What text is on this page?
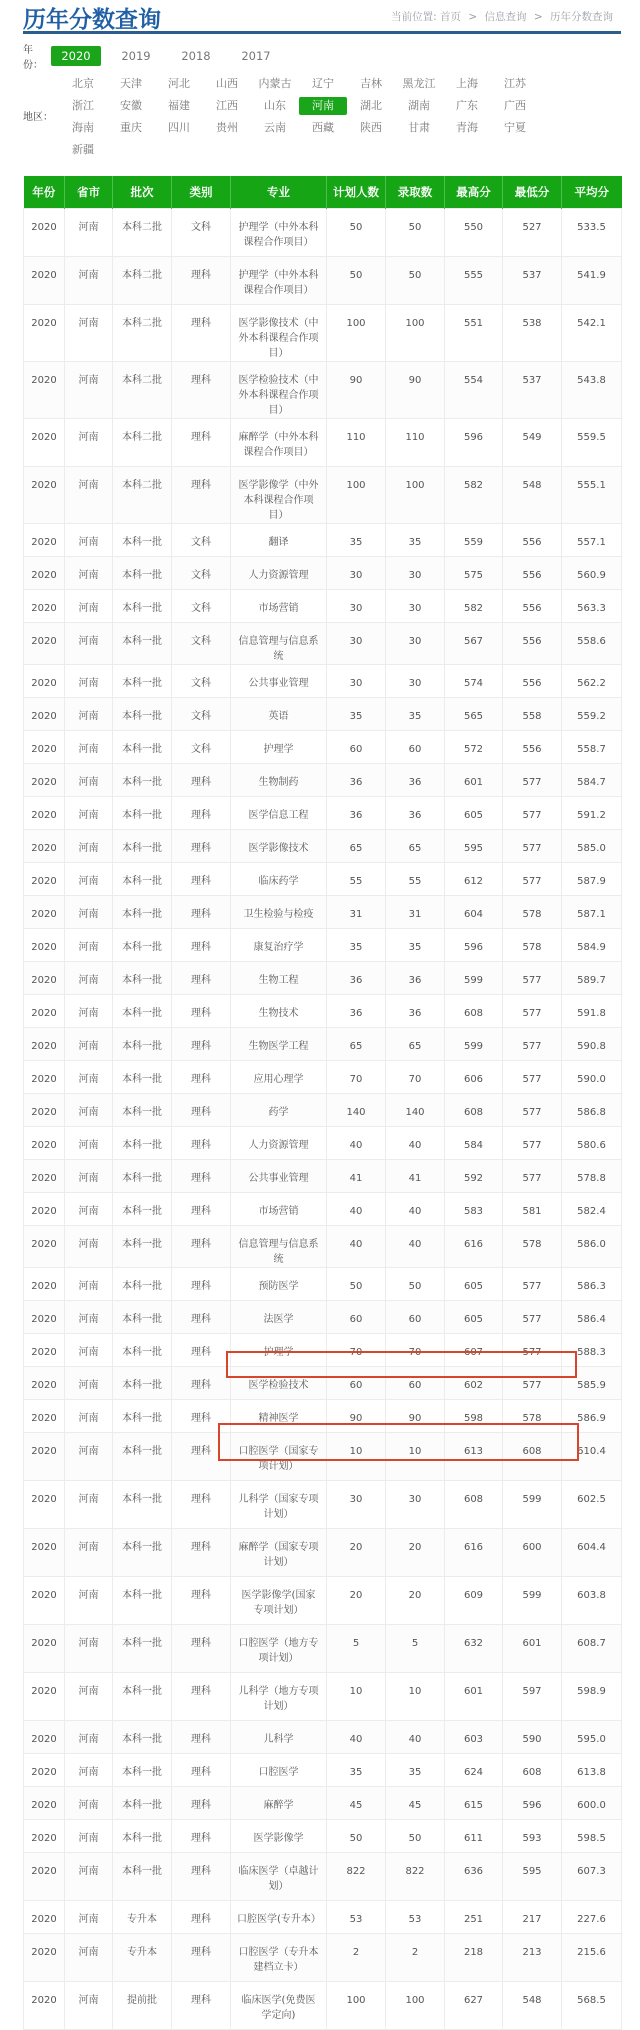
历年分数查询	当前位置: 首页 > 信息查询 > 历年分数查询
年份：
2020	2019	2018	2017
地区：
北京	天津	河北	山西	内蒙古	辽宁	吉林	黑龙江	上海	江苏
浙江	安徽	福建	江西	山东	河南	湖北	湖南	广东	广西
海南	重庆	四川	贵州	云南	西藏	陕西	甘肃	青海	宁夏
新疆
年份	省市	批次	类别	专业	计划人数	录取数	最高分	最低分	平均分
2020	河南	本科二批	文科	护理学（中外本科课程合作项目）	50	50	550	527	533.5
2020	河南	本科二批	理科	护理学（中外本科课程合作项目）	50	50	555	537	541.9
2020	河南	本科二批	理科	医学影像技术（中外本科课程合作项目）	100	100	551	538	542.1
2020	河南	本科二批	理科	医学检验技术（中外本科课程合作项目）	90	90	554	537	543.8
2020	河南	本科二批	理科	麻醉学（中外本科课程合作项目）	110	110	596	549	559.5
2020	河南	本科二批	理科	医学影像学（中外本科课程合作项目）	100	100	582	548	555.1
2020	河南	本科一批	文科	翻译	35	35	559	556	557.1
2020	河南	本科一批	文科	人力资源管理	30	30	575	556	560.9
2020	河南	本科一批	文科	市场营销	30	30	582	556	563.3
2020	河南	本科一批	文科	信息管理与信息系统	30	30	567	556	558.6
2020	河南	本科一批	文科	公共事业管理	30	30	574	556	562.2
2020	河南	本科一批	文科	英语	35	35	565	558	559.2
2020	河南	本科一批	文科	护理学	60	60	572	556	558.7
2020	河南	本科一批	理科	生物制药	36	36	601	577	584.7
2020	河南	本科一批	理科	医学信息工程	36	36	605	577	591.2
2020	河南	本科一批	理科	医学影像技术	65	65	595	577	585.0
2020	河南	本科一批	理科	临床药学	55	55	612	577	587.9
2020	河南	本科一批	理科	卫生检验与检疫	31	31	604	578	587.1
2020	河南	本科一批	理科	康复治疗学	35	35	596	578	584.9
2020	河南	本科一批	理科	生物工程	36	36	599	577	589.7
2020	河南	本科一批	理科	生物技术	36	36	608	577	591.8
2020	河南	本科一批	理科	生物医学工程	65	65	599	577	590.8
2020	河南	本科一批	理科	应用心理学	70	70	606	577	590.0
2020	河南	本科一批	理科	药学	140	140	608	577	586.8
2020	河南	本科一批	理科	人力资源管理	40	40	584	577	580.6
2020	河南	本科一批	理科	公共事业管理	41	41	592	577	578.8
2020	河南	本科一批	理科	市场营销	40	40	583	581	582.4
2020	河南	本科一批	理科	信息管理与信息系统	40	40	616	578	586.0
2020	河南	本科一批	理科	预防医学	50	50	605	577	586.3
2020	河南	本科一批	理科	法医学	60	60	605	577	586.4
2020	河南	本科一批	理科	护理学	70	70	607	577	588.3
2020	河南	本科一批	理科	医学检验技术	60	60	602	577	585.9
2020	河南	本科一批	理科	精神医学	90	90	598	578	586.9
2020	河南	本科一批	理科	口腔医学（国家专项计划）	10	10	613	608	610.4
2020	河南	本科一批	理科	儿科学（国家专项计划）	30	30	608	599	602.5
2020	河南	本科一批	理科	麻醉学（国家专项计划）	20	20	616	600	604.4
2020	河南	本科一批	理科	医学影像学(国家专项计划）	20	20	609	599	603.8
2020	河南	本科一批	理科	口腔医学（地方专项计划）	5	5	632	601	608.7
2020	河南	本科一批	理科	儿科学（地方专项计划）	10	10	601	597	598.9
2020	河南	本科一批	理科	儿科学	40	40	603	590	595.0
2020	河南	本科一批	理科	口腔医学	35	35	624	608	613.8
2020	河南	本科一批	理科	麻醉学	45	45	615	596	600.0
2020	河南	本科一批	理科	医学影像学	50	50	611	593	598.5
2020	河南	本科一批	理科	临床医学（卓越计划）	822	822	636	595	607.3
2020	河南	专升本	理科	口腔医学(专升本）	53	53	251	217	227.6
2020	河南	专升本	理科	口腔医学（专升本建档立卡）	2	2	218	213	215.6
2020	河南	提前批	理科	临床医学(免费医学定向)	100	100	627	548	568.5
